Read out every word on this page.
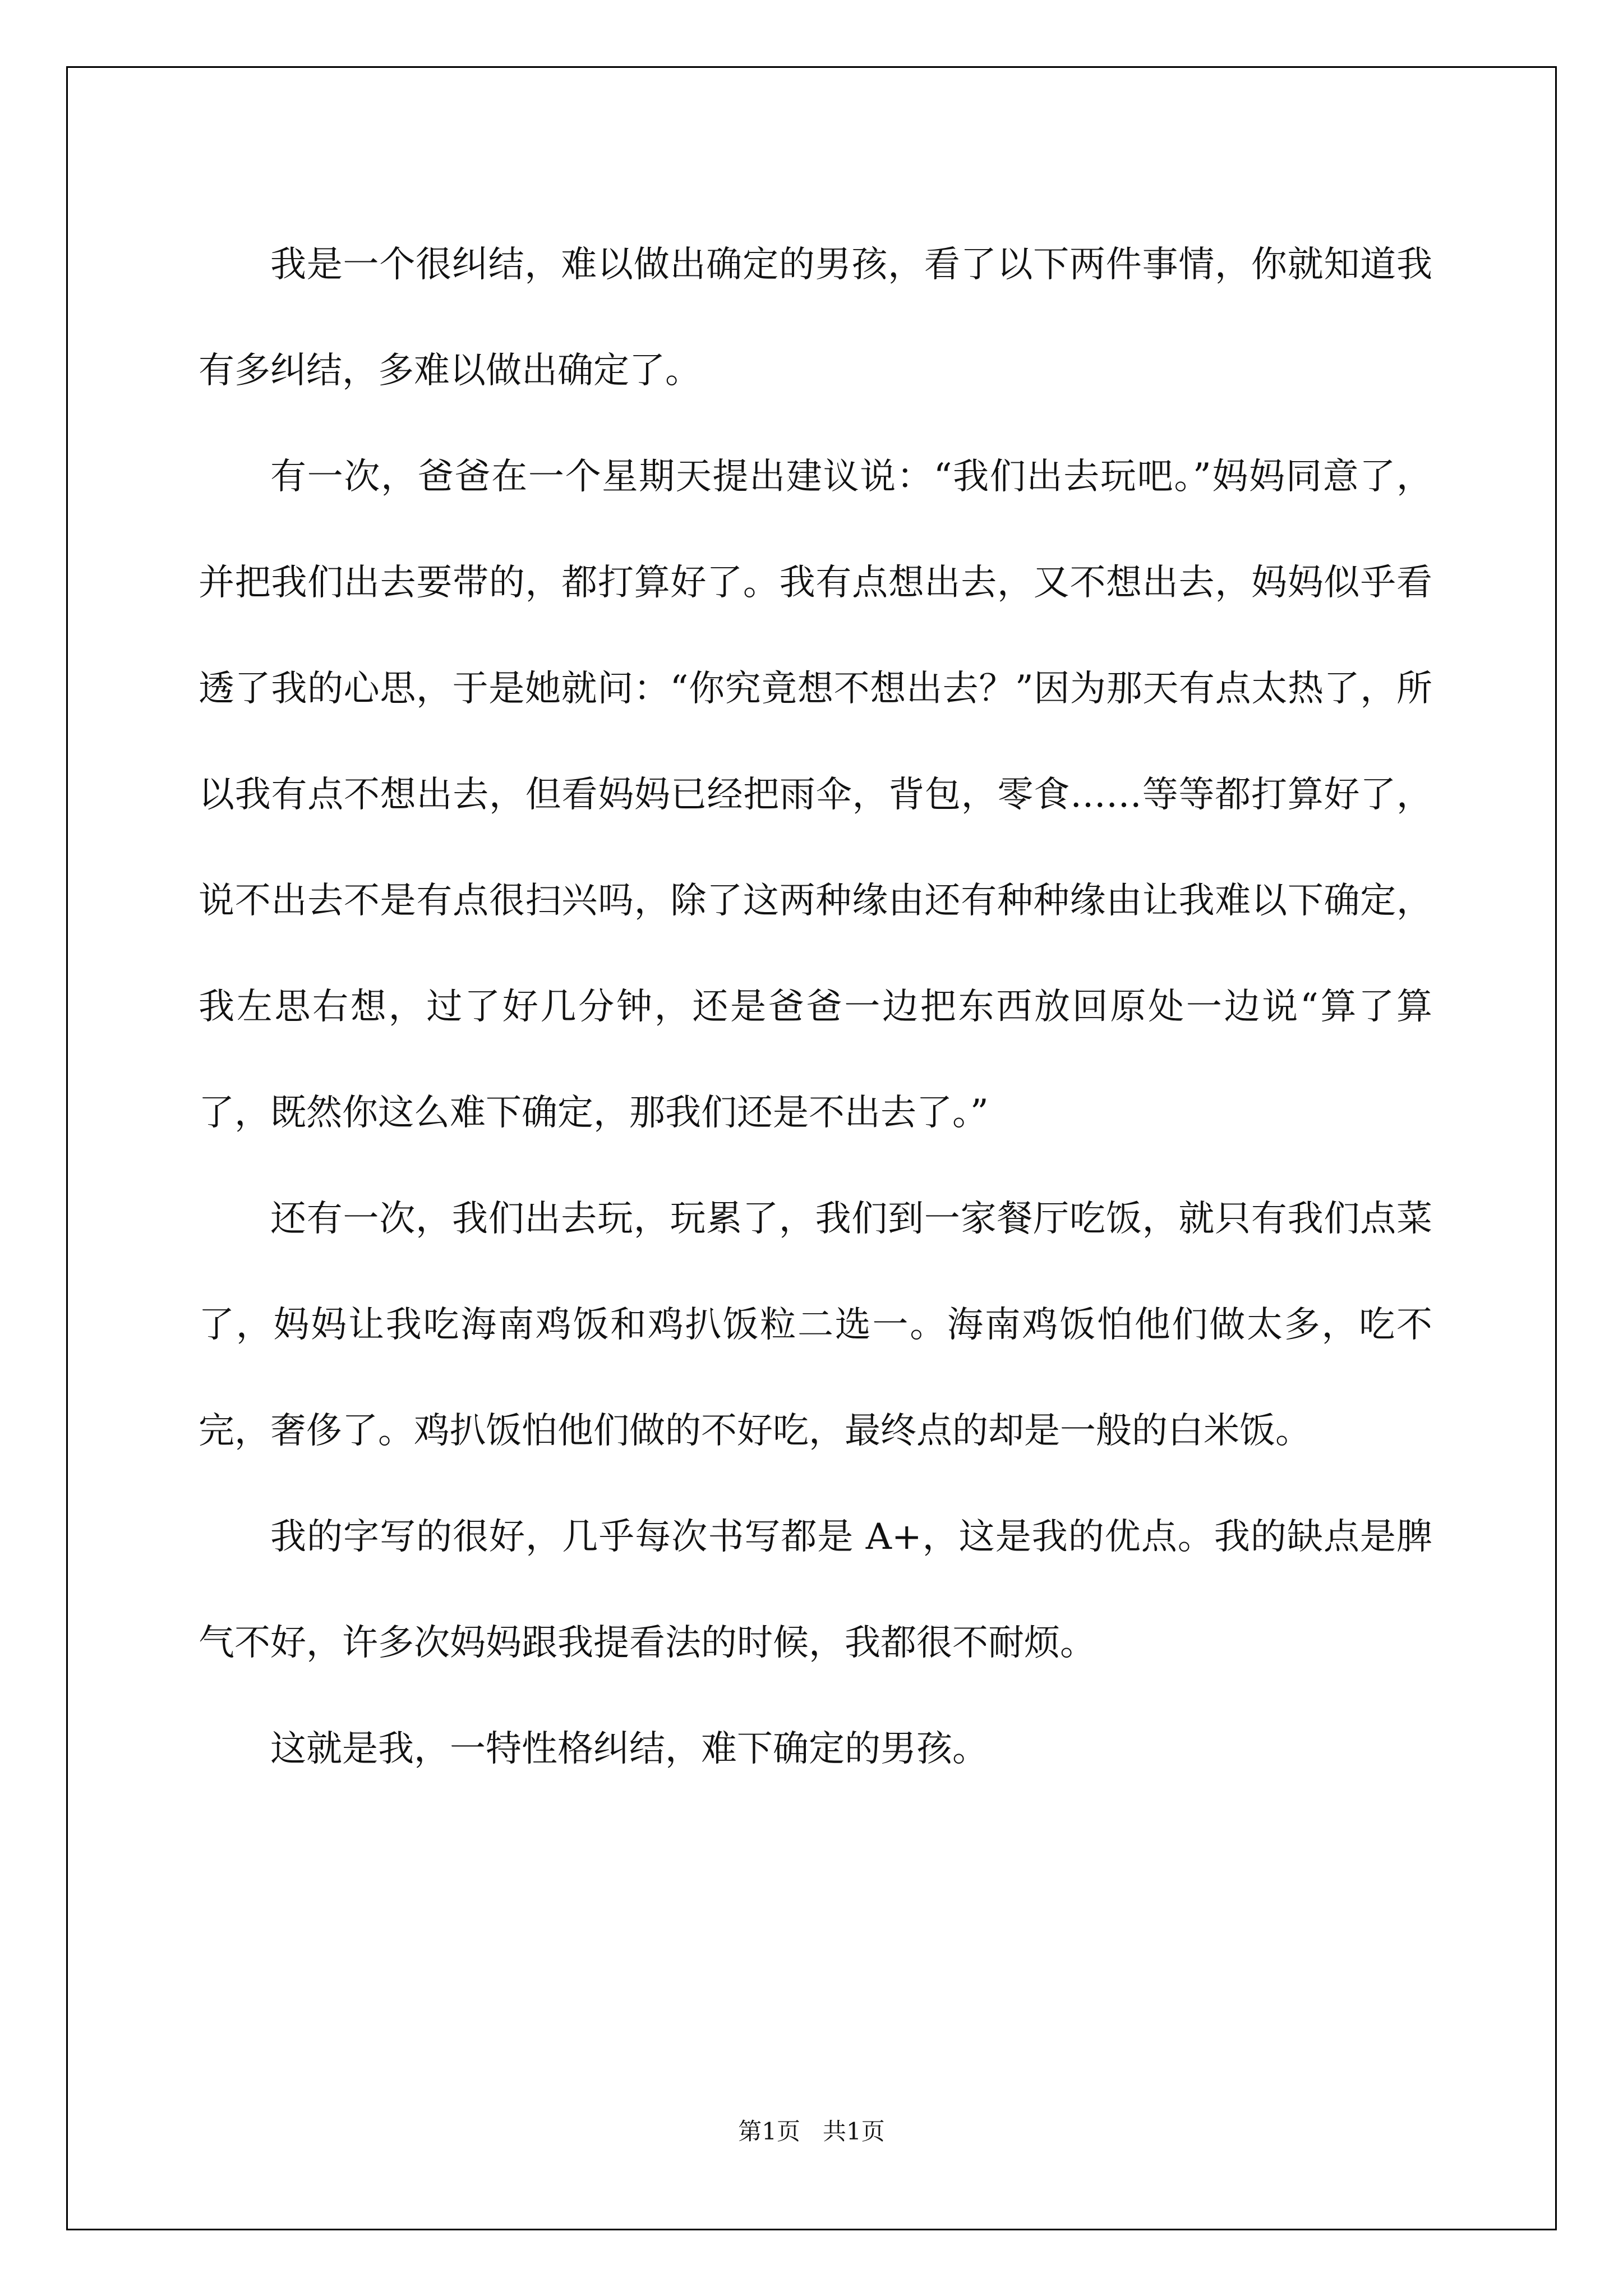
我是一个很纠结，难以做出确定的男孩，看了以下两件事情，你就知道我有多纠结，多难以做出确定了。

有一次，爸爸在一个星期天提出建议说：“我们出去玩吧。”妈妈同意了，并把我们出去要带的，都打算好了。我有点想出去，又不想出去，妈妈似乎看透了我的心思，于是她就问：“你究竟想不想出去？”因为那天有点太热了，所以我有点不想出去，但看妈妈已经把雨伞，背包，零食……等等都打算好了，说不出去不是有点很扫兴吗，除了这两种缘由还有种种缘由让我难以下确定，我左思右想，过了好几分钟，还是爸爸一边把东西放回原处一边说“算了算了，既然你这么难下确定，那我们还是不出去了。”

还有一次，我们出去玩，玩累了，我们到一家餐厅吃饭，就只有我们点菜了，妈妈让我吃海南鸡饭和鸡扒饭粒二选一。海南鸡饭怕他们做太多，吃不完，奢侈了。鸡扒饭怕他们做的不好吃，最终点的却是一般的白米饭。

我的字写的很好，几乎每次书写都是 A+，这是我的优点。我的缺点是脾气不好，许多次妈妈跟我提看法的时候，我都很不耐烦。

这就是我，一特性格纠结，难下确定的男孩。

第1页 共1页
